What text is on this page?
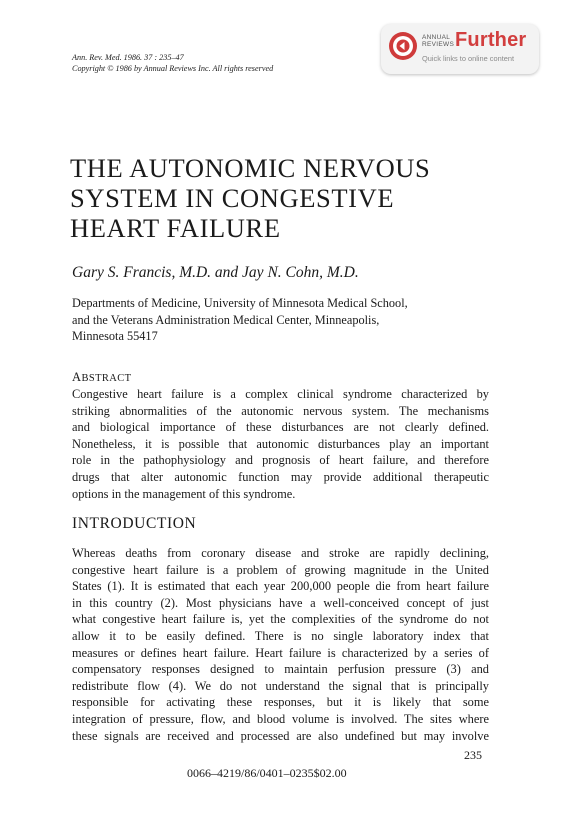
Ann. Rev. Med. 1986. 37 : 235–47
Copyright © 1986 by Annual Reviews Inc. All rights reserved
ANNUAL
REVIEWS Further
Quick links to online content
THE AUTONOMIC NERVOUS
SYSTEM IN CONGESTIVE
HEART FAILURE
Gary S. Francis, M.D. and Jay N. Cohn, M.D.
Departments of Medicine, University of Minnesota Medical School,
and the Veterans Administration Medical Center, Minneapolis,
Minnesota 55417
ABSTRACT
Congestive heart failure is a complex clinical syndrome characterized by
striking abnormalities of the autonomic nervous system. The mechanisms
and biological importance of these disturbances are not clearly defined.
Nonetheless, it is possible that autonomic disturbances play an important
role in the pathophysiology and prognosis of heart failure, and therefore
drugs that alter autonomic function may provide additional therapeutic
options in the management of this syndrome.
INTRODUCTION
Whereas deaths from coronary disease and stroke are rapidly declining,
congestive heart failure is a problem of growing magnitude in the United
States (1). It is estimated that each year 200,000 people die from heart failure
in this country (2). Most physicians have a well-conceived concept of just
what congestive heart failure is, yet the complexities of the syndrome do not
allow it to be easily defined. There is no single laboratory index that
measures or defines heart failure. Heart failure is characterized by a series of
compensatory responses designed to maintain perfusion pressure (3) and
redistribute flow (4). We do not understand the signal that is principally
responsible for activating these responses, but it is likely that some
integration of pressure, flow, and blood volume is involved. The sites where
these signals are received and processed are also undefined but may involve
235
0066–4219/86/0401–0235$02.00
